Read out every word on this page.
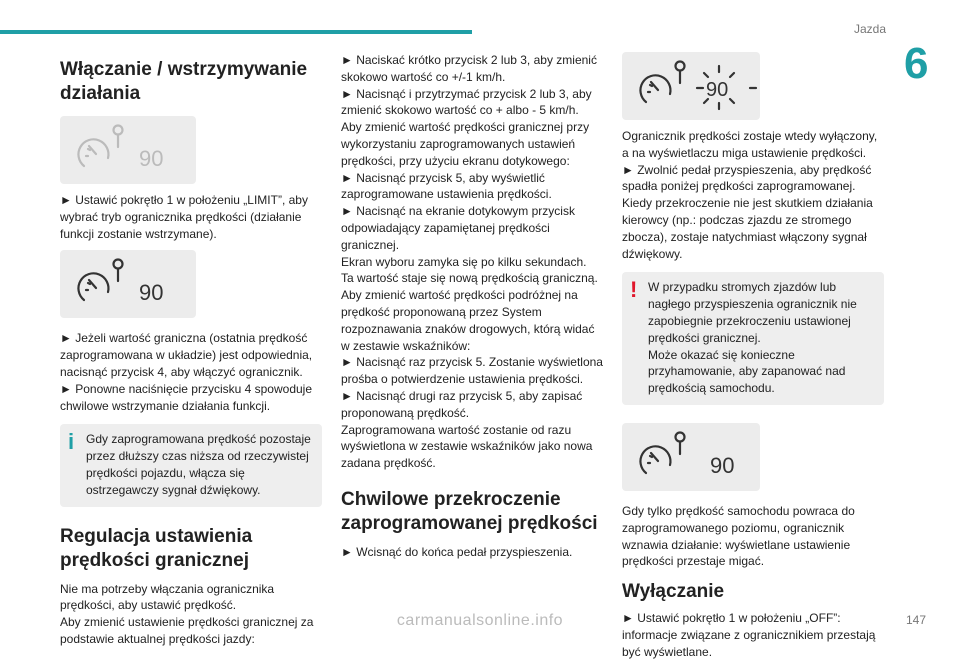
Jazda
6
Włączanie / wstrzymywanie działania
90

► Ustawić pokrętło 1 w położeniu „LIMIT”, aby wybrać tryb ogranicznika prędkości (działanie funkcji zostanie wstrzymane).

90

► Jeżeli wartość graniczna (ostatnia prędkość zaprogramowana w układzie) jest odpowiednia, nacisnąć przycisk 4, aby włączyć ogranicznik.
► Ponowne naciśnięcie przycisku 4 spowoduje chwilowe wstrzymanie działania funkcji.

i Gdy zaprogramowana prędkość pozostaje przez dłuższy czas niższa od rzeczywistej prędkości pojazdu, włącza się ostrzegawczy sygnał dźwiękowy.

Regulacja ustawienia prędkości granicznej

Nie ma potrzeby włączania ogranicznika prędkości, aby ustawić prędkość.
Aby zmienić ustawienie prędkości granicznej za podstawie aktualnej prędkości jazdy:

► Naciskać krótko przycisk 2 lub 3, aby zmienić skokowo wartość co +/-1 km/h.
► Nacisnąć i przytrzymać przycisk 2 lub 3, aby zmienić skokowo wartość co + albo - 5 km/h.
Aby zmienić wartość prędkości granicznej przy wykorzystaniu zaprogramowanych ustawień prędkości, przy użyciu ekranu dotykowego:
► Nacisnąć przycisk 5, aby wyświetlić zaprogramowane ustawienia prędkości.
► Nacisnąć na ekranie dotykowym przycisk odpowiadający zapamiętanej prędkości granicznej.
Ekran wyboru zamyka się po kilku sekundach.
Ta wartość staje się nową prędkością graniczną.
Aby zmienić wartość prędkości podróżnej na prędkość proponowaną przez System rozpoznawania znaków drogowych, którą widać w zestawie wskaźników:
► Nacisnąć raz przycisk 5. Zostanie wyświetlona prośba o potwierdzenie ustawienia prędkości.
► Nacisnąć drugi raz przycisk 5, aby zapisać proponowaną prędkość.
Zaprogramowana wartość zostanie od razu wyświetlona w zestawie wskaźników jako nowa zadana prędkość.

Chwilowe przekroczenie zaprogramowanej prędkości

► Wcisnąć do końca pedał przyspieszenia.

90

Ogranicznik prędkości zostaje wtedy wyłączony, a na wyświetlaczu miga ustawienie prędkości.
► Zwolnić pedał przyspieszenia, aby prędkość spadła poniżej prędkości zaprogramowanej.
Kiedy przekroczenie nie jest skutkiem działania kierowcy (np.: podczas zjazdu ze stromego zbocza), zostaje natychmiast włączony sygnał dźwiękowy.

! W przypadku stromych zjazdów lub nagłego przyspieszenia ogranicznik nie zapobiegnie przekroczeniu ustawionej prędkości granicznej.
Może okazać się konieczne przyhamowanie, aby zapanować nad prędkością samochodu.

90

Gdy tylko prędkość samochodu powraca do zaprogramowanego poziomu, ogranicznik wznawia działanie: wyświetlane ustawienie prędkości przestaje migać.

Wyłączanie

► Ustawić pokrętło 1 w położeniu „OFF”: informacje związane z ogranicznikiem przestają być wyświetlane.

carmanualsonline.info	147
